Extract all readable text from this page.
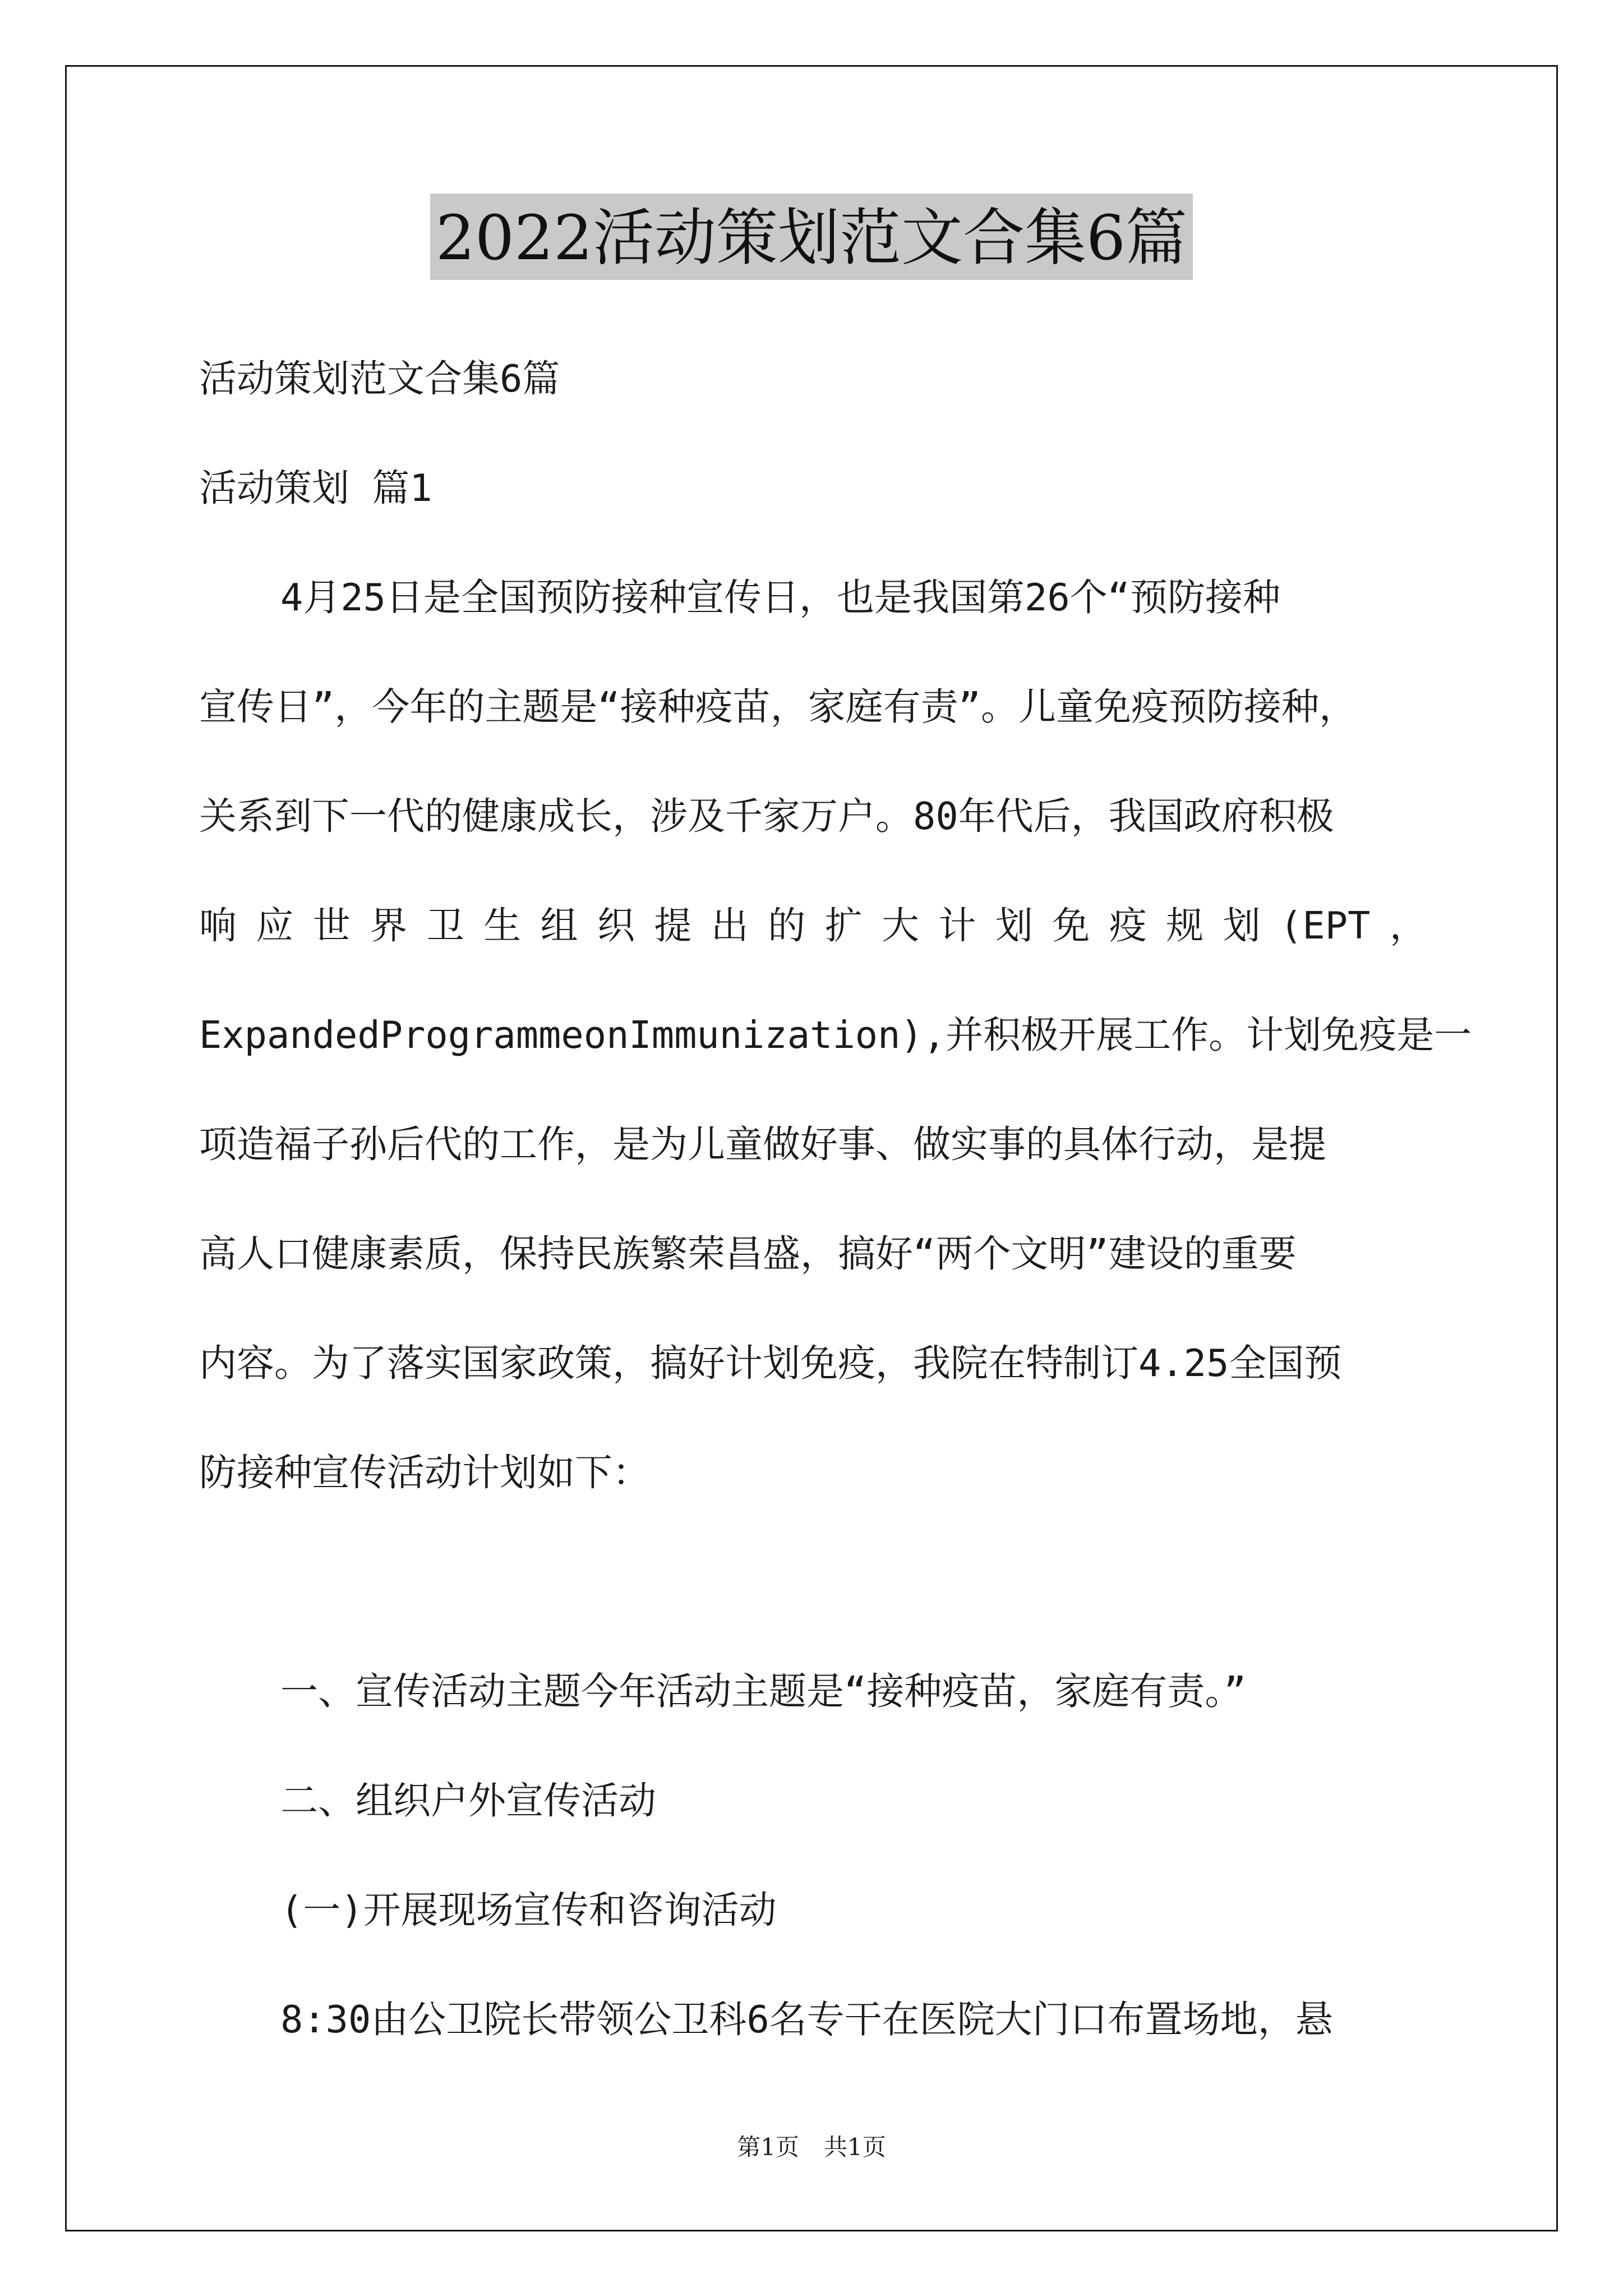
2022活动策划范文合集6篇
活动策划范文合集6篇
活动策划 篇1
4月25日是全国预防接种宣传日，也是我国第26个“预防接种
宣传日”，今年的主题是“接种疫苗，家庭有责”。儿童免疫预防接种，
关系到下一代的健康成长，涉及千家万户。80年代后，我国政府积极
响 应 世 界 卫 生 组 织 提 出 的 扩 大 计 划 免 疫 规 划 (EPT ，
ExpandedProgrammeonImmunization),并积极开展工作。计划免疫是一
项造福子孙后代的工作，是为儿童做好事、做实事的具体行动，是提
高人口健康素质，保持民族繁荣昌盛，搞好“两个文明”建设的重要
内容。为了落实国家政策，搞好计划免疫，我院在特制订4.25全国预
防接种宣传活动计划如下：
一、宣传活动主题今年活动主题是“接种疫苗，家庭有责。”
二、组织户外宣传活动
(一)开展现场宣传和咨询活动
8:30由公卫院长带领公卫科6名专干在医院大门口布置场地，悬
第1页 共1页
